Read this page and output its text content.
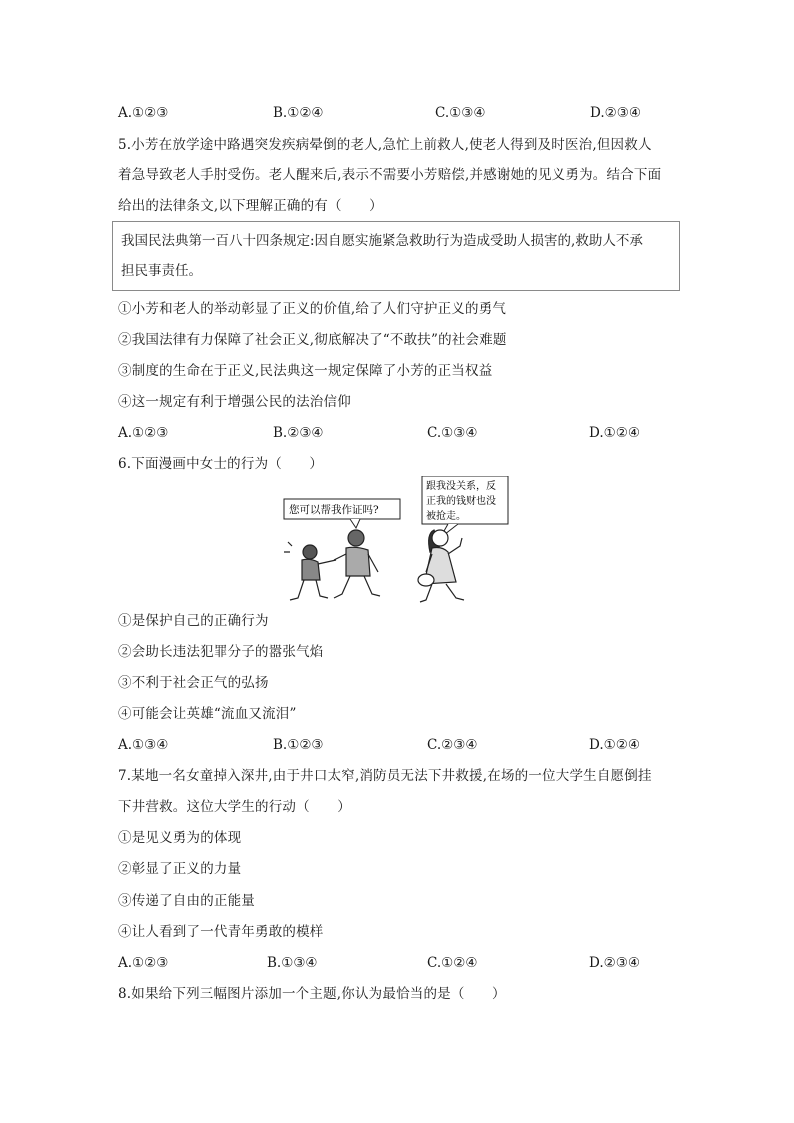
A.①②③	B.①②④	C.①③④	D.②③④
5.小芳在放学途中路遇突发疾病晕倒的老人,急忙上前救人,使老人得到及时医治,但因救人
着急导致老人手肘受伤。老人醒来后,表示不需要小芳赔偿,并感谢她的见义勇为。结合下面
给出的法律条文,以下理解正确的有（　　）
我国民法典第一百八十四条规定:因自愿实施紧急救助行为造成受助人损害的,救助人不承
担民事责任。
①小芳和老人的举动彰显了正义的价值,给了人们守护正义的勇气
②我国法律有力保障了社会正义,彻底解决了“不敢扶”的社会难题
③制度的生命在于正义,民法典这一规定保障了小芳的正当权益
④这一规定有利于增强公民的法治信仰
A.①②③	B.②③④	C.①③④	D.①②④
6.下面漫画中女士的行为（　　）
您可以帮我作证吗?
跟我没关系，反
正我的钱财也没
被抢走。
①是保护自己的正确行为
②会助长违法犯罪分子的嚣张气焰
③不利于社会正气的弘扬
④可能会让英雄“流血又流泪”
A.①③④	B.①②③	C.②③④	D.①②④
7.某地一名女童掉入深井,由于井口太窄,消防员无法下井救援,在场的一位大学生自愿倒挂
下井营救。这位大学生的行动（　　）
①是见义勇为的体现
②彰显了正义的力量
③传递了自由的正能量
④让人看到了一代青年勇敢的模样
A.①②③	B.①③④	C.①②④	D.②③④
8.如果给下列三幅图片添加一个主题,你认为最恰当的是（　　）
